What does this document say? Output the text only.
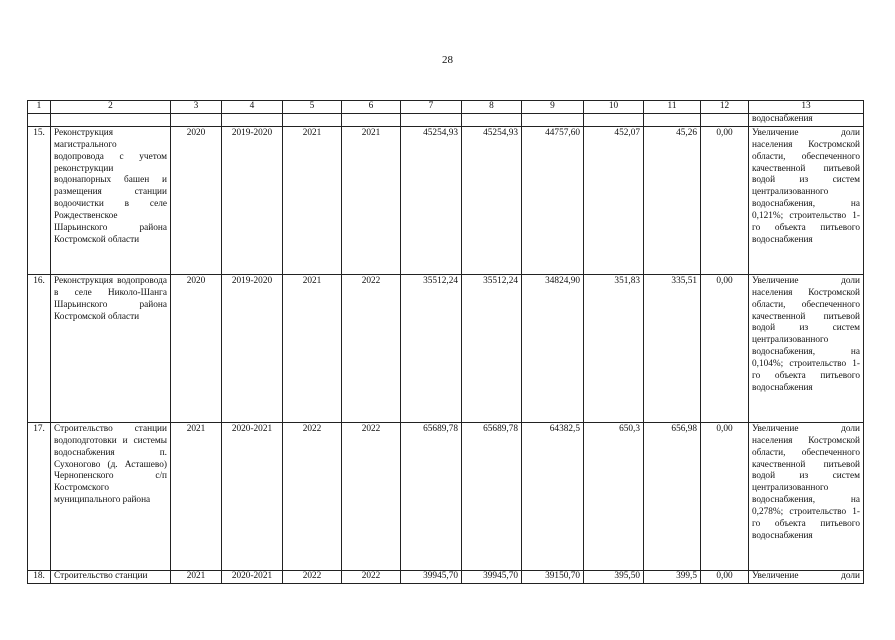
28
1	2	3	4	5	6	7	8	9	10	11	12	13
												водоснабжения
15.	Реконструкция магистрального водопровода с учетом реконструкции водонапорных башен и размещения станции водоочистки в селе Рождественское Шарьинского района Костромской области	2020	2019-2020	2021	2021	45254,93	45254,93	44757,60	452,07	45,26	0,00	Увеличение доли населения Костромской области, обеспеченного качественной питьевой водой из систем централизованного водоснабжения, на 0,121%; строительство 1-го объекта питьевого водоснабжения
16.	Реконструкция водопровода в селе Николо-Шанга Шарьинского района Костромской области	2020	2019-2020	2021	2022	35512,24	35512,24	34824,90	351,83	335,51	0,00	Увеличение доли населения Костромской области, обеспеченного качественной питьевой водой из систем централизованного водоснабжения, на 0,104%; строительство 1-го объекта питьевого водоснабжения
17.	Строительство станции водоподготовки и системы водоснабжения п. Сухоногово (д. Асташево) Чернопенского с/п Костромского муниципального района	2021	2020-2021	2022	2022	65689,78	65689,78	64382,5	650,3	656,98	0,00	Увеличение доли населения Костромской области, обеспеченного качественной питьевой водой из систем централизованного водоснабжения, на 0,278%; строительство 1-го объекта питьевого водоснабжения
18.	Строительство станции	2021	2020-2021	2022	2022	39945,70	39945,70	39150,70	395,50	399,5	0,00	Увеличение доли
